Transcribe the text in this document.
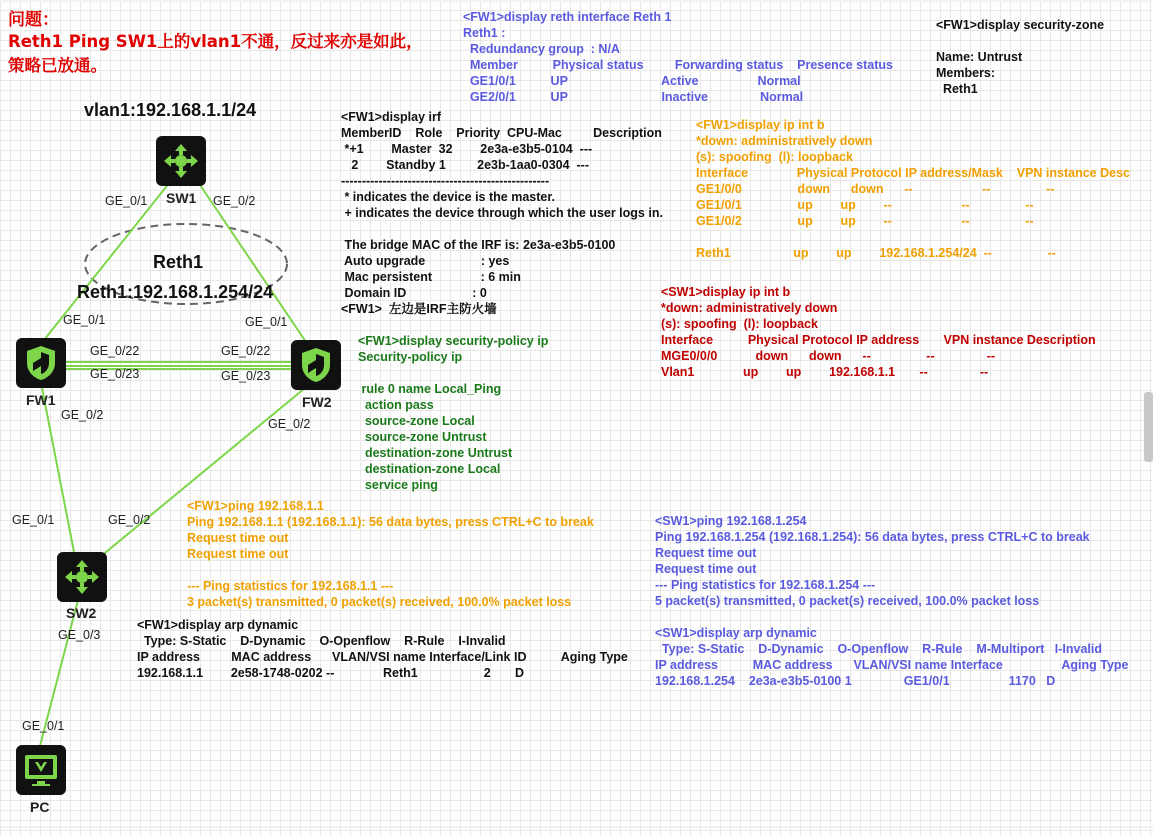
问题：
Reth1 Ping SW1上的vlan1不通，反过来亦是如此，
策略已放通。
vlan1:192.168.1.1/24
Reth1
Reth1:192.168.1.254/24
SW1
SW2
FW1	FW2
PC
GE_0/1	GE_0/2
GE_0/1	GE_0/1
GE_0/22	GE_0/22
GE_0/23	GE_0/23
GE_0/2
GE_0/2
GE_0/1	GE_0/2
GE_0/3
GE_0/1
<FW1>display reth interface Reth 1
Reth1 :
Redundancy group  : N/A
Member          Physical status         Forwarding status    Presence status
GE1/0/1          UP                           Active                 Normal
GE2/0/1          UP                           Inactive               Normal
<FW1>display security-zone

Name: Untrust
Members:
Reth1
<FW1>display irf
MemberID    Role    Priority  CPU-Mac         Description
*+1        Master  32        2e3a-e3b5-0104  ---
2        Standby 1         2e3b-1aa0-0304  ---
--------------------------------------------------
* indicates the device is the master.
+ indicates the device through which the user logs in.

The bridge MAC of the IRF is: 2e3a-e3b5-0100
Auto upgrade                : yes
Mac persistent              : 6 min
Domain ID                   : 0
<FW1>  左边是IRF主防火墙
<FW1>display ip int b
*down: administratively down
(s): spoofing  (l): loopback
Interface              Physical Protocol IP address/Mask    VPN instance Desc
GE1/0/0                down      down      --                    --                --
GE1/0/1                up        up        --                    --                --
GE1/0/2                up        up        --                    --                --

Reth1                  up        up        192.168.1.254/24  --                --
<SW1>display ip int b
*down: administratively down
(s): spoofing  (l): loopback
Interface          Physical Protocol IP address       VPN instance Description
MGE0/0/0           down      down      --                --               --
Vlan1              up        up        192.168.1.1       --               --
<FW1>display security-policy ip
Security-policy ip

rule 0 name Local_Ping
action pass
source-zone Local
source-zone Untrust
destination-zone Untrust
destination-zone Local
service ping
<FW1>ping 192.168.1.1
Ping 192.168.1.1 (192.168.1.1): 56 data bytes, press CTRL+C to break
Request time out
Request time out

--- Ping statistics for 192.168.1.1 ---
3 packet(s) transmitted, 0 packet(s) received, 100.0% packet loss
<SW1>ping 192.168.1.254
Ping 192.168.1.254 (192.168.1.254): 56 data bytes, press CTRL+C to break
Request time out
Request time out
--- Ping statistics for 192.168.1.254 ---
5 packet(s) transmitted, 0 packet(s) received, 100.0% packet loss
<FW1>display arp dynamic
Type: S-Static    D-Dynamic    O-Openflow    R-Rule    I-Invalid
IP address         MAC address      VLAN/VSI name Interface/Link ID          Aging Type
192.168.1.1        2e58-1748-0202 --              Reth1                   2       D
<SW1>display arp dynamic
Type: S-Static    D-Dynamic    O-Openflow    R-Rule    M-Multiport   I-Invalid
IP address          MAC address      VLAN/VSI name Interface                 Aging Type
192.168.1.254    2e3a-e3b5-0100 1               GE1/0/1                 1170   D
